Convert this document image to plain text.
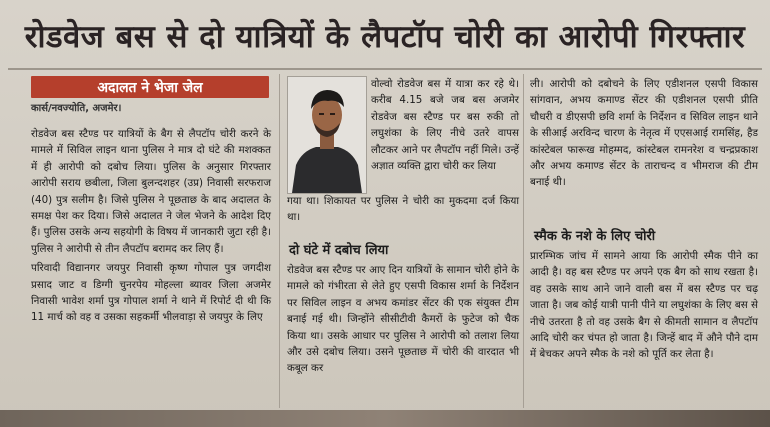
रोडवेज बस से दो यात्रियों के लैपटॉप चोरी का आरोपी गिरफ्तार
अदालत ने भेजा जेल
कार्स/नवज्योति, अजमेर।

रोडवेज बस स्टैण्ड पर यात्रियों के बैग से लैपटॉप चोरी करने के मामले में सिविल लाइन थाना पुलिस ने मात्र दो घंटे की मशक्कत में ही आरोपी को दबोच लिया। पुलिस के अनुसार गिरफ्तार आरोपी सराय छबीला, जिला बुलन्दशहर (उप्र) निवासी सरफराज (40) पुत्र सलीम है। जिसे पुलिस ने पूछताछ के बाद अदालत के समक्ष पेश कर दिया। जिसे अदालत ने जेल भेजने के आदेश दिए हैं। पुलिस उसके अन्य सहयोगी के विषय में जानकारी जुटा रही है। पुलिस ने आरोपी से तीन लैपटॉप बरामद कर लिए हैं।

परिवादी विद्यानगर जयपुर निवासी कृष्ण गोपाल पुत्र जगदीश प्रसाद जाट व डिग्गी चुनरपेय मोहल्ला ब्यावर जिला अजमेर निवासी भावेश शर्मा पुत्र गोपाल शर्मा ने थाने में रिपोर्ट दी थी कि 11 मार्च को वह व उसका सहकर्मी भीलवाड़ा से जयपुर के लिए

वोल्वो रोडवेज बस में यात्रा कर रहे थे। करीब 4.15 बजे जब बस अजमेर रोडवेज बस स्टैण्ड पर बस रुकी तो लघुशंका के लिए नीचे उतरे वापस लौटकर आने पर लैपटॉप नहीं मिले। उन्हें अज्ञात व्यक्ति द्वारा चोरी कर लिया
गया था। शिकायत पर पुलिस ने चोरी का मुकदमा दर्ज किया था।
दो घंटे में दबोच लिया
रोडवेज बस स्टैण्ड पर आए दिन यात्रियों के सामान चोरी होने के मामले को गंभीरता से लेते हुए एसपी विकास शर्मा के निर्देशन पर सिविल लाइन व अभय कमांडर सेंटर की एक संयुक्त टीम बनाई गई थी। जिन्होंने सीसीटीवी कैमरों के फुटेज को चैक किया था। उसके आधार पर पुलिस ने आरोपी को तलाश लिया और उसे दबोच लिया। उसने पूछताछ में चोरी की वारदात भी कबूल कर
ली। आरोपी को दबोचने के लिए एडीशनल एसपी विकास सांगवान, अभय कमाण्ड सेंटर की एडीशनल एसपी प्रीति चौधरी व डीएसपी छवि शर्मा के निर्देशन व सिविल लाइन थाने के सीआई अरविन्द चारण के नेतृत्व में एएसआई रामसिंह, हैड कांस्टेबल फारूख मोहम्मद, कांस्टेबल रामनरेश व चन्द्रप्रकाश और अभय कमाण्ड सेंटर के ताराचन्द व भीमराज की टीम बनाई थी।
स्मैक के नशे के लिए चोरी
प्रारम्भिक जांच में सामने आया कि आरोपी स्मैक पीने का आदी है। वह बस स्टैण्ड पर अपने एक बैग को साथ रखता है। वह उसके साथ आने जाने वाली बस में बस स्टैण्ड पर चढ़ जाता है। जब कोई यात्री पानी पीने या लघुशंका के लिए बस से नीचे उतरता है तो वह उसके बैग से कीमती सामान व लैपटॉप आदि चोरी कर चंपत हो जाता है। जिन्हें बाद में औने पौने दाम में बेचकर अपने स्मैक के नशे को पूर्ति कर लेता है।
